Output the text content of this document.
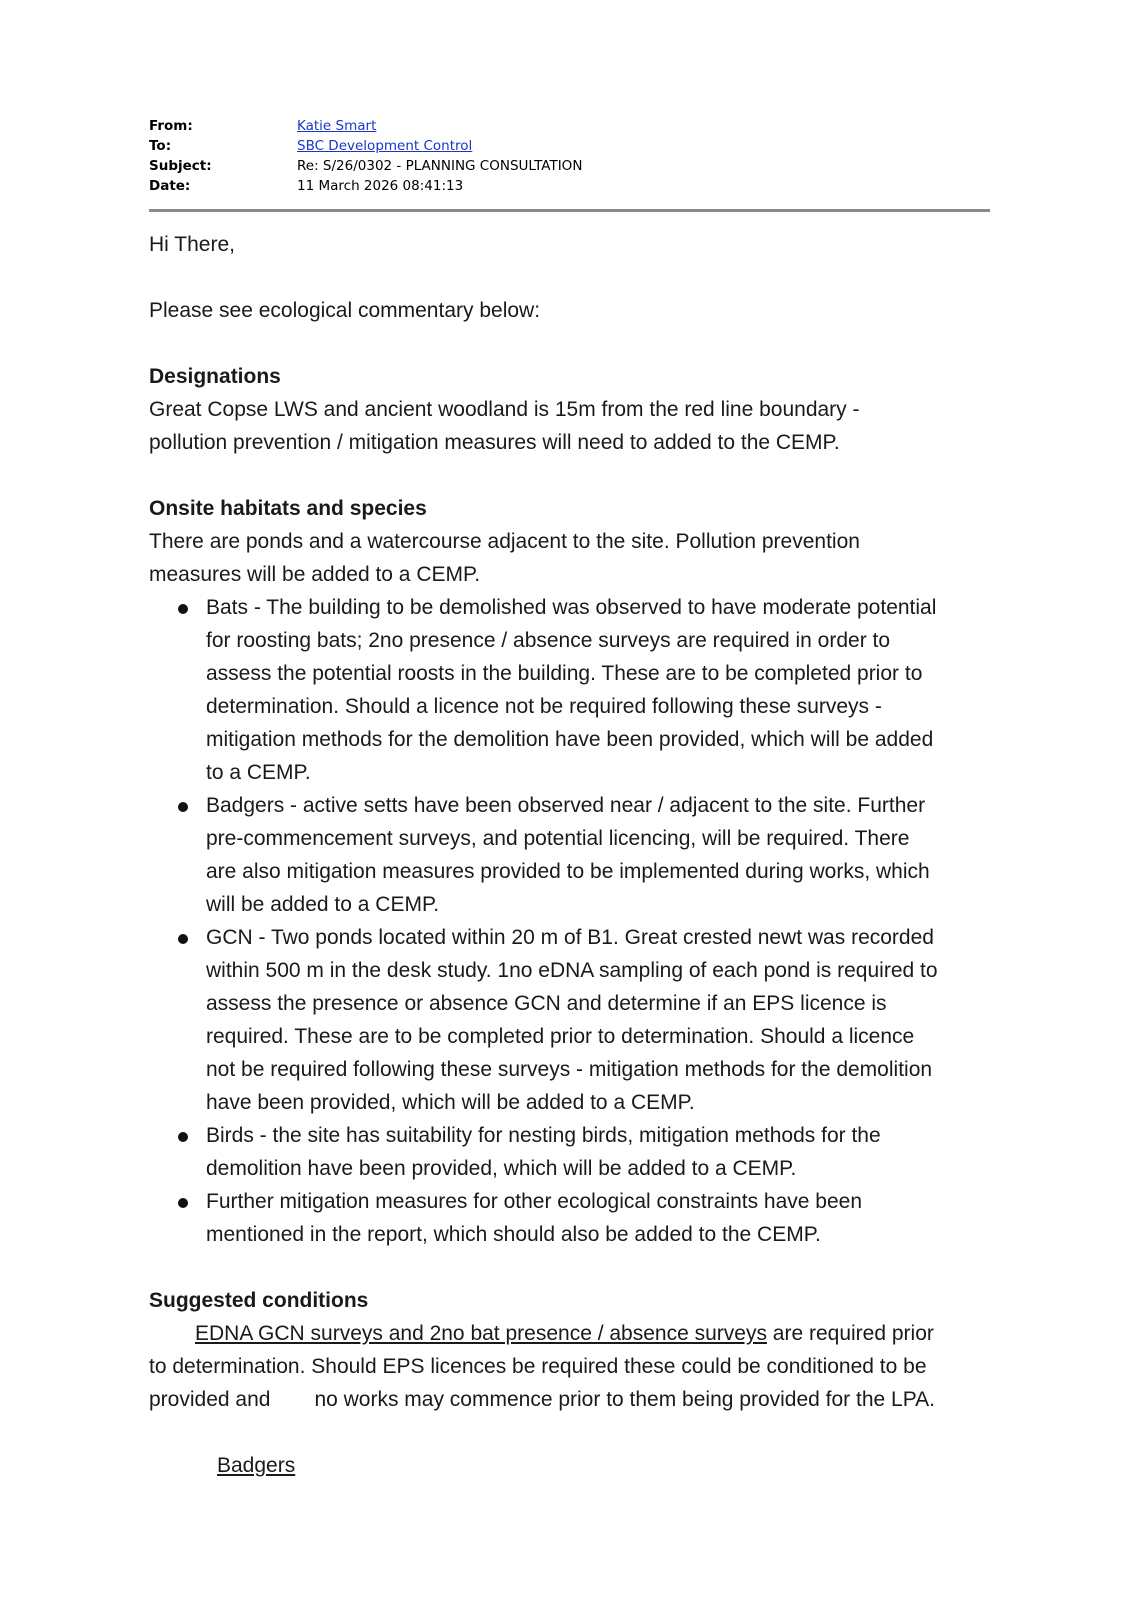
From:	Katie Smart
To:	SBC Development Control
Subject:	Re: S/26/0302 - PLANNING CONSULTATION
Date:	11 March 2026 08:41:13

Hi There,

Please see ecological commentary below:

Designations

Great Copse LWS and ancient woodland is 15m from the red line boundary -

pollution prevention / mitigation measures will need to added to the CEMP.

Onsite habitats and species

There are ponds and a watercourse adjacent to the site. Pollution prevention

measures will be added to a CEMP.

Bats - The building to be demolished was observed to have moderate potential
for roosting bats; 2no presence / absence surveys are required in order to
assess the potential roosts in the building. These are to be completed prior to
determination. Should a licence not be required following these surveys -
mitigation methods for the demolition have been provided, which will be added
to a CEMP.
Badgers - active setts have been observed near / adjacent to the site. Further
pre-commencement surveys, and potential licencing, will be required. There
are also mitigation measures provided to be implemented during works, which
will be added to a CEMP.
GCN - Two ponds located within 20 m of B1. Great crested newt was recorded
within 500 m in the desk study. 1no eDNA sampling of each pond is required to
assess the presence or absence GCN and determine if an EPS licence is
required. These are to be completed prior to determination. Should a licence
not be required following these surveys - mitigation methods for the demolition
have been provided, which will be added to a CEMP.
Birds - the site has suitability for nesting birds, mitigation methods for the
demolition have been provided, which will be added to a CEMP.
Further mitigation measures for other ecological constraints have been
mentioned in the report, which should also be added to the CEMP.

Suggested conditions

EDNA GCN surveys and 2no bat presence / absence surveys are required prior

to determination. Should EPS licences be required these could be conditioned to be

provided and no works may commence prior to them being provided for the LPA.

Badgers
